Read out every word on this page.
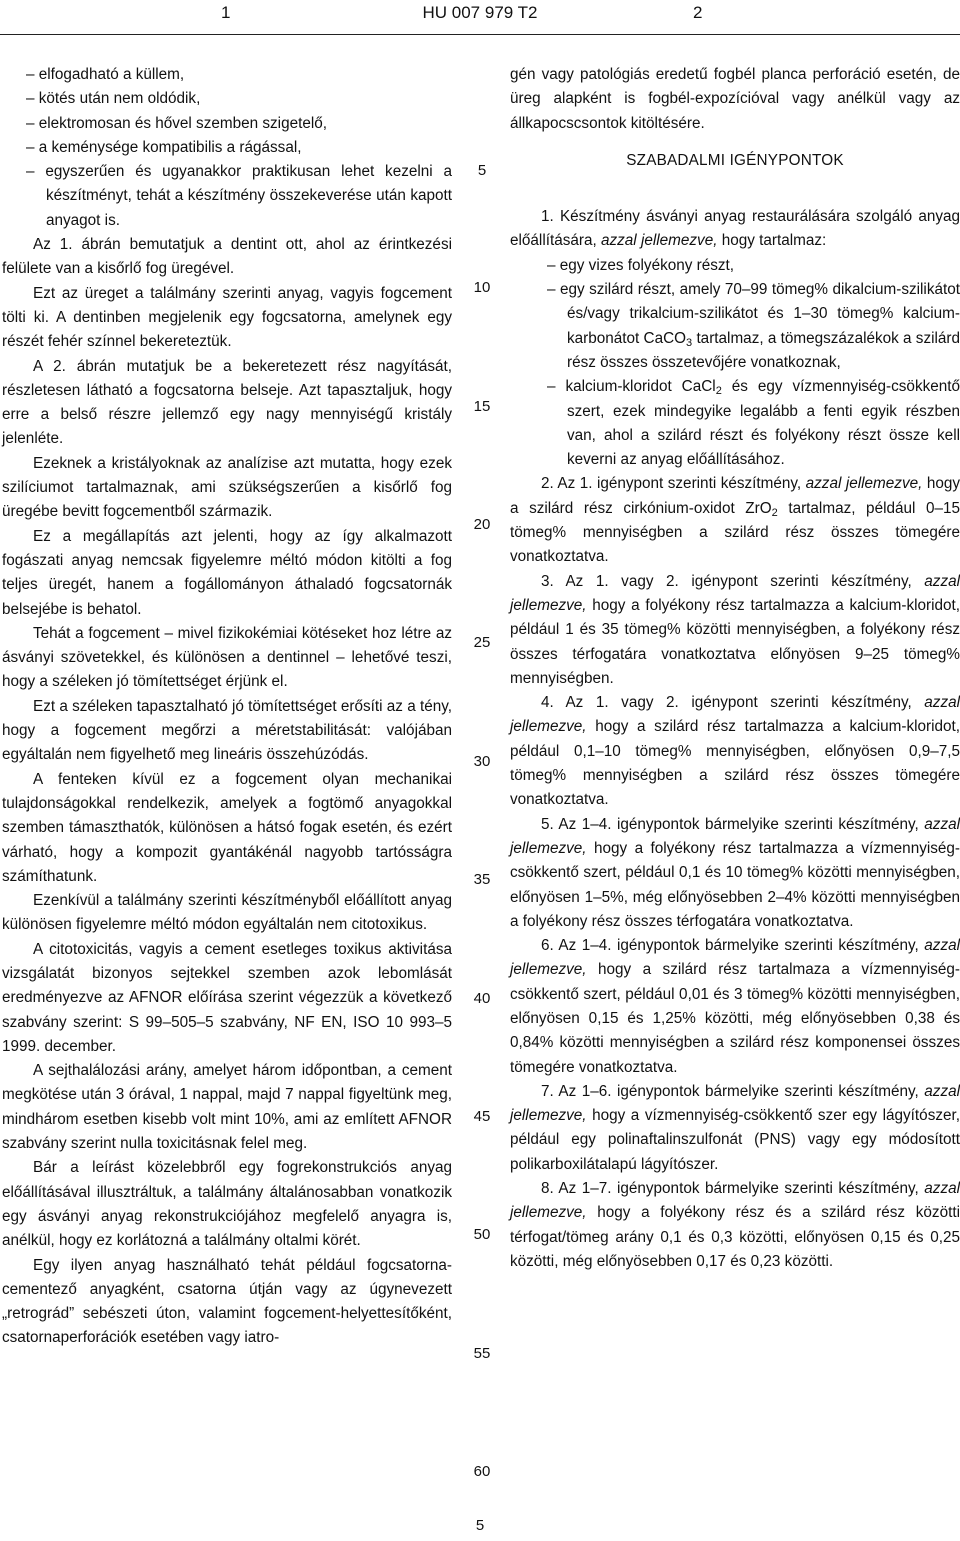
1	HU 007 979 T2	2
5
10
15
20
25
30
35
40
45
50
55
60
– elfogadható a küllem,
– kötés után nem oldódik,
– elektromosan és hővel szemben szigetelő,
– a keménysége kompatibilis a rágással,
– egyszerűen és ugyanakkor praktikusan lehet kezelni a készítményt, tehát a készítmény összekeverése után kapott anyagot is.

Az 1. ábrán bemutatjuk a dentint ott, ahol az érintkezési felülete van a kisőrlő fog üregével.

Ezt az üreget a találmány szerinti anyag, vagyis fogcement tölti ki. A dentinben megjelenik egy fogcsatorna, amelynek egy részét fehér színnel bekereteztük.

A 2. ábrán mutatjuk be a bekeretezett rész nagyítását, részletesen látható a fogcsatorna belseje. Azt tapasztaljuk, hogy erre a belső részre jellemző egy nagy mennyiségű kristály jelenléte.

Ezeknek a kristályoknak az analízise azt mutatta, hogy ezek szilíciumot tartalmaznak, ami szükségszerűen a kisőrlő fog üregébe bevitt fogcementből származik.

Ez a megállapítás azt jelenti, hogy az így alkalmazott fogászati anyag nemcsak figyelemre méltó módon kitölti a fog teljes üregét, hanem a fogállományon áthaladó fogcsatornák belsejébe is behatol.

Tehát a fogcement – mivel fizikokémiai kötéseket hoz létre az ásványi szövetekkel, és különösen a dentinnel – lehetővé teszi, hogy a széleken jó tömítettséget érjünk el.

Ezt a széleken tapasztalható jó tömítettséget erősíti az a tény, hogy a fogcement megőrzi a méretstabilitását: valójában egyáltalán nem figyelhető meg lineáris összehúzódás.

A fenteken kívül ez a fogcement olyan mechanikai tulajdonságokkal rendelkezik, amelyek a fogtömő anyagokkal szemben támaszthatók, különösen a hátsó fogak esetén, és ezért várható, hogy a kompozit gyantákénál nagyobb tartósságra számíthatunk.

Ezenkívül a találmány szerinti készítményből előállított anyag különösen figyelemre méltó módon egyáltalán nem citotoxikus.

A citotoxicitás, vagyis a cement esetleges toxikus aktivitása vizsgálatát bizonyos sejtekkel szemben azok lebomlását eredményezve az AFNOR előírása szerint végezzük a következő szabvány szerint: S 99–505–5 szabvány, NF EN, ISO 10 993–5 1999. december.

A sejthalálozási arány, amelyet három időpontban, a cement megkötése után 3 órával, 1 nappal, majd 7 nappal figyeltünk meg, mindhárom esetben kisebb volt mint 10%, ami az említett AFNOR szabvány szerint nulla toxicitásnak felel meg.

Bár a leírást közelebbről egy fogrekonstrukciós anyag előállításával illusztráltuk, a találmány általánosabban vonatkozik egy ásványi anyag rekonstrukciójához megfelelő anyagra is, anélkül, hogy ez korlátozná a találmány oltalmi körét.

Egy ilyen anyag használható tehát például fogcsatorna-cementező anyagként, csatorna útján vagy az úgynevezett „retrográd” sebészeti úton, valamint fogcement-helyettesítőként, csatornaperforációk esetében vagy iatro-

gén vagy patológiás eredetű fogbél planca perforáció esetén, de üreg alapként is fogbél-expozícióval vagy anélkül vagy az állkapocscsontok kitöltésére.

SZABADALMI IGÉNYPONTOK

1. Készítmény ásványi anyag restaurálására szolgáló anyag előállítására, azzal jellemezve, hogy tartalmaz:

– egy vizes folyékony részt,
– egy szilárd részt, amely 70–99 tömeg% dikalcium-szilikátot és/vagy trikalcium-szilikátot és 1–30 tömeg% kalcium-karbonátot CaCO$_3$ tartalmaz, a tömegszázalékok a szilárd rész összes összetevőjére vonatkoznak,
– kalcium-kloridot CaCl$_2$ és egy vízmennyiség-csökkentő szert, ezek mindegyike legalább a fenti egyik részben van, ahol a szilárd részt és folyékony részt össze kell keverni az anyag előállításához.

2. Az 1. igénypont szerinti készítmény, azzal jellemezve, hogy a szilárd rész cirkónium-oxidot ZrO$_2$ tartalmaz, például 0–15 tömeg% mennyiségben a szilárd rész összes tömegére vonatkoztatva.

3. Az 1. vagy 2. igénypont szerinti készítmény, azzal jellemezve, hogy a folyékony rész tartalmazza a kalcium-kloridot, például 1 és 35 tömeg% közötti mennyiségben, a folyékony rész összes térfogatára vonatkoztatva előnyösen 9–25 tömeg% mennyiségben.

4. Az 1. vagy 2. igénypont szerinti készítmény, azzal jellemezve, hogy a szilárd rész tartalmazza a kalcium-kloridot, például 0,1–10 tömeg% mennyiségben, előnyösen 0,9–7,5 tömeg% mennyiségben a szilárd rész összes tömegére vonatkoztatva.

5. Az 1–4. igénypontok bármelyike szerinti készítmény, azzal jellemezve, hogy a folyékony rész tartalmazza a vízmennyiség-csökkentő szert, például 0,1 és 10 tömeg% közötti mennyiségben, előnyösen 1–5%, még előnyösebben 2–4% közötti mennyiségben a folyékony rész összes térfogatára vonatkoztatva.

6. Az 1–4. igénypontok bármelyike szerinti készítmény, azzal jellemezve, hogy a szilárd rész tartalmaza a vízmennyiség-csökkentő szert, például 0,01 és 3 tömeg% közötti mennyiségben, előnyösen 0,15 és 1,25% közötti, még előnyösebben 0,38 és 0,84% közötti mennyiségben a szilárd rész komponensei összes tömegére vonatkoztatva.

7. Az 1–6. igénypontok bármelyike szerinti készítmény, azzal jellemezve, hogy a vízmennyiség-csökkentő szer egy lágyítószer, például egy polinaftalinszulfonát (PNS) vagy egy módosított polikarboxilátalapú lágyítószer.

8. Az 1–7. igénypontok bármelyike szerinti készítmény, azzal jellemezve, hogy a folyékony rész és a szilárd rész közötti térfogat/tömeg arány 0,1 és 0,3 közötti, előnyösen 0,15 és 0,25 közötti, még előnyösebben 0,17 és 0,23 közötti.

5
